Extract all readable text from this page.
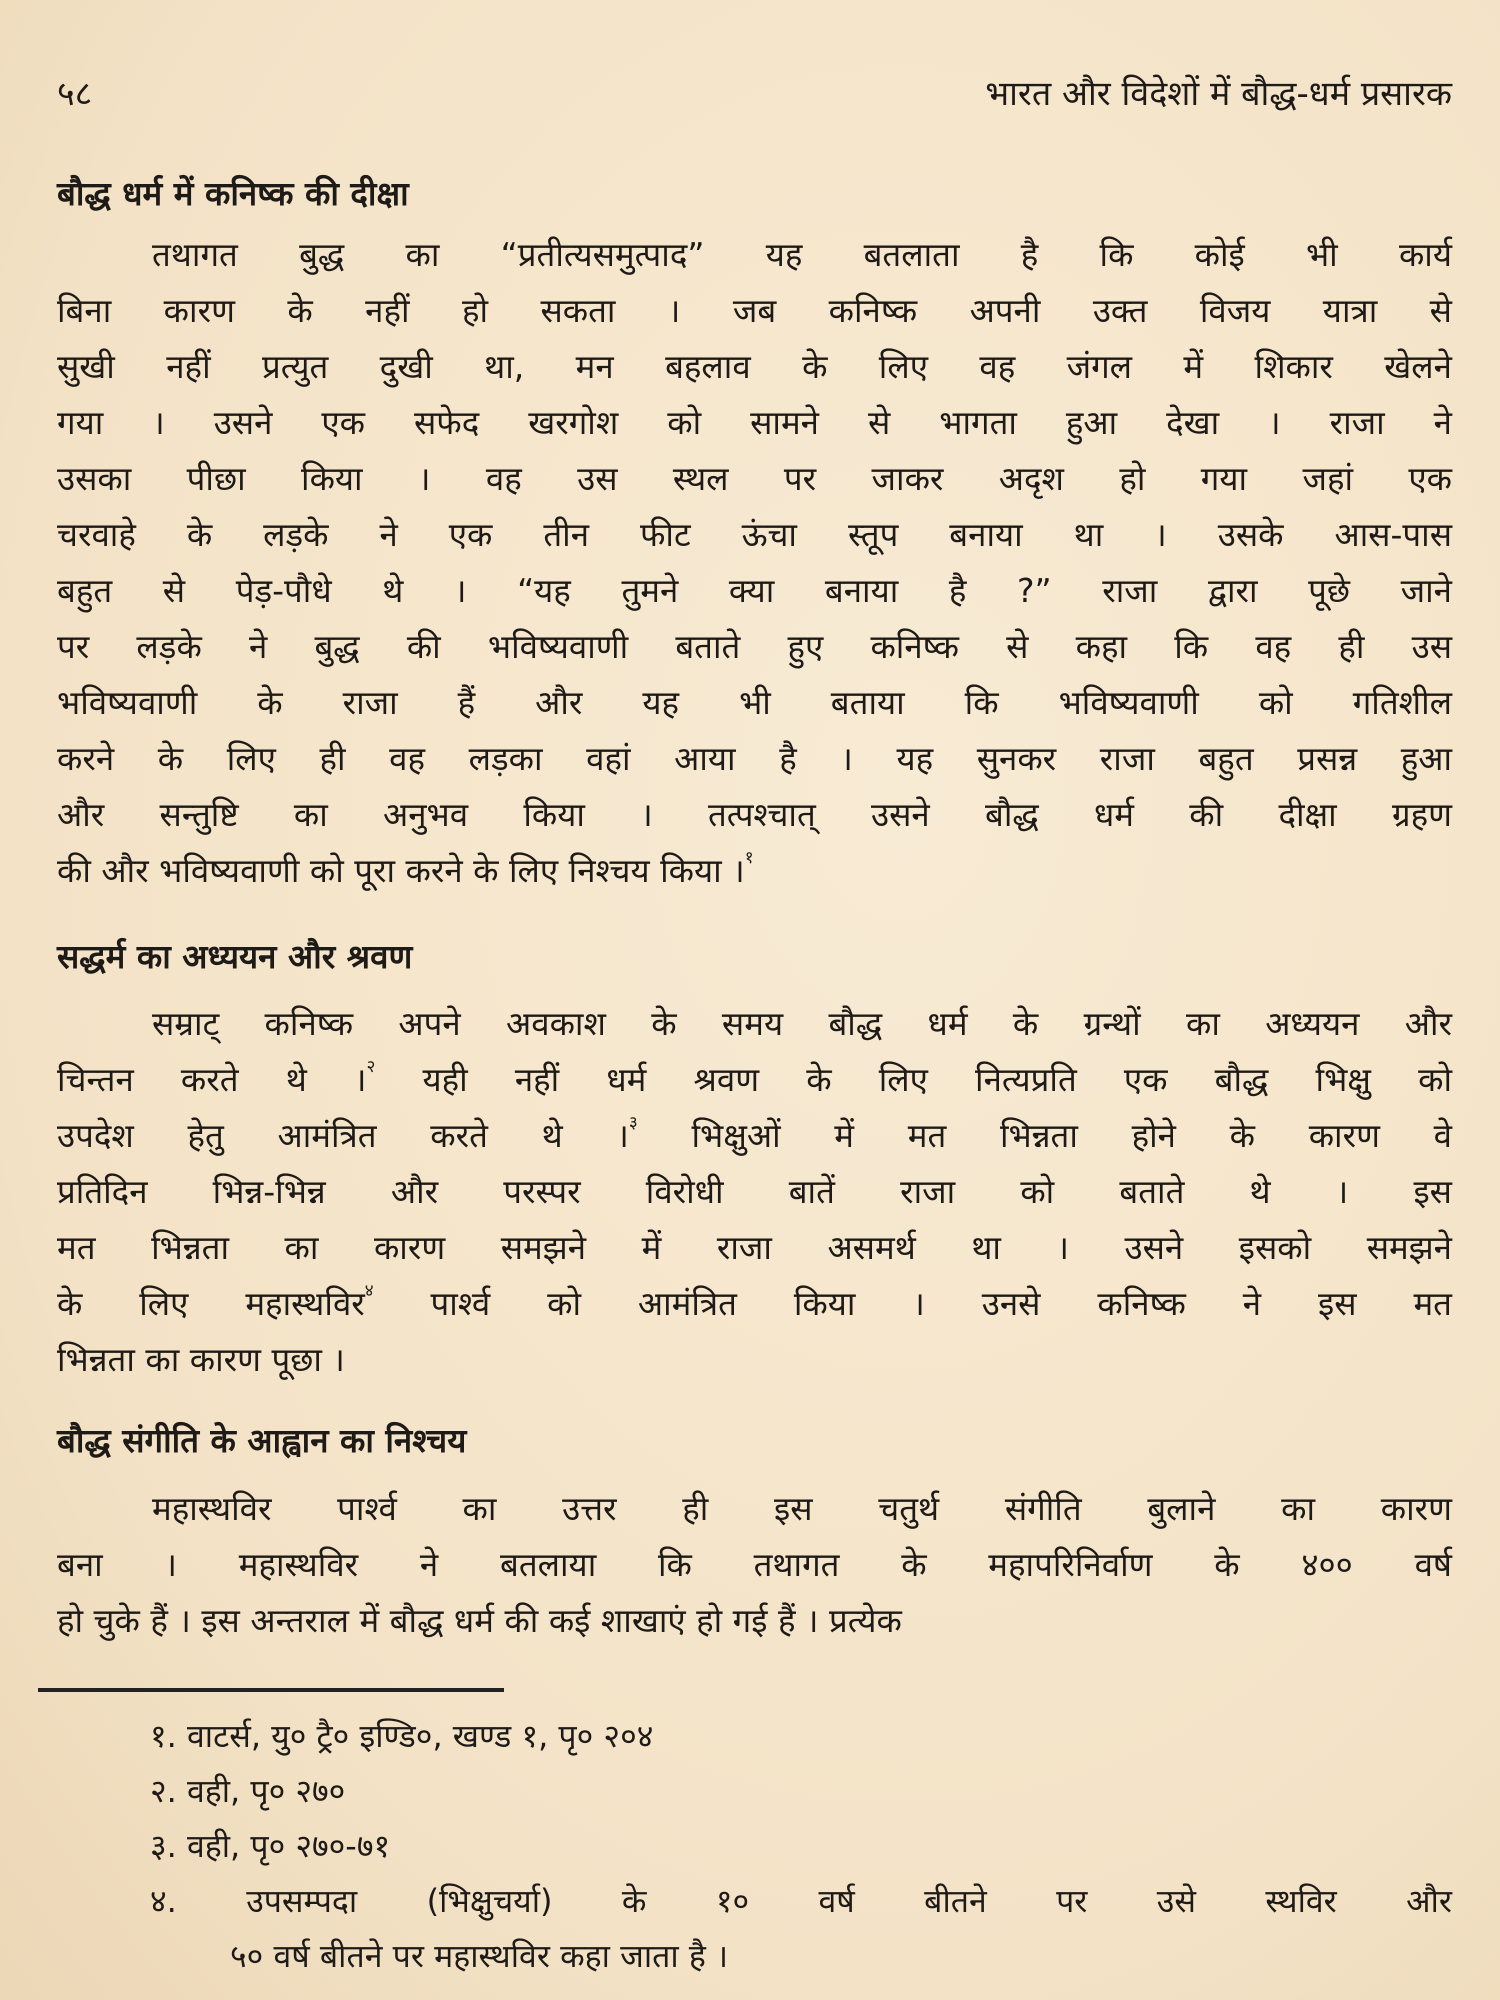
५८	भारत और विदेशों में बौद्ध-धर्म प्रसारक
बौद्ध धर्म में कनिष्क की दीक्षा
तथागत बुद्ध का “प्रतीत्यसमुत्पाद” यह बतलाता है कि कोई भी कार्य
बिना कारण के नहीं हो सकता । जब कनिष्क अपनी उक्त विजय यात्रा से
सुखी नहीं प्रत्युत दुखी था, मन बहलाव के लिए वह जंगल में शिकार खेलने
गया । उसने एक सफेद खरगोश को सामने से भागता हुआ देखा । राजा ने
उसका पीछा किया । वह उस स्थल पर जाकर अदृश हो गया जहां एक
चरवाहे के लड़के ने एक तीन फीट ऊंचा स्तूप बनाया था । उसके आस-पास
बहुत से पेड़-पौधे थे । “यह तुमने क्या बनाया है ?” राजा द्वारा पूछे जाने
पर लड़के ने बुद्ध की भविष्यवाणी बताते हुए कनिष्क से कहा कि वह ही उस
भविष्यवाणी के राजा हैं और यह भी बताया कि भविष्यवाणी को गतिशील
करने के लिए ही वह लड़का वहां आया है । यह सुनकर राजा बहुत प्रसन्न हुआ
और सन्तुष्टि का अनुभव किया । तत्पश्चात् उसने बौद्ध धर्म की दीक्षा ग्रहण
की और भविष्यवाणी को पूरा करने के लिए निश्चय किया ।$^१$
सद्धर्म का अध्ययन और श्रवण
सम्राट् कनिष्क अपने अवकाश के समय बौद्ध धर्म के ग्रन्थों का अध्ययन और
चिन्तन करते थे ।$^२$ यही नहीं धर्म श्रवण के लिए नित्यप्रति एक बौद्ध भिक्षु को
उपदेश हेतु आमंत्रित करते थे ।$^३$ भिक्षुओं में मत भिन्नता होने के कारण वे
प्रतिदिन भिन्न-भिन्न और परस्पर विरोधी बातें राजा को बताते थे । इस
मत भिन्नता का कारण समझने में राजा असमर्थ था । उसने इसको समझने
के लिए महास्थविर$^४$ पार्श्व को आमंत्रित किया । उनसे कनिष्क ने इस मत
भिन्नता का कारण पूछा ।
बौद्ध संगीति के आह्वान का निश्चय
महास्थविर पार्श्व का उत्तर ही इस चतुर्थ संगीति बुलाने का कारण
बना । महास्थविर ने बतलाया कि तथागत के महापरिनिर्वाण के ४०० वर्ष
हो चुके हैं । इस अन्तराल में बौद्ध धर्म की कई शाखाएं हो गई हैं । प्रत्येक
१. वाटर्स, यु० ट्रै० इण्डि०, खण्ड १, पृ० २०४
२. वही, पृ० २७०
३. वही, पृ० २७०-७१
४. उपसम्पदा (भिक्षुचर्या) के १० वर्ष बीतने पर उसे स्थविर और
५० वर्ष बीतने पर महास्थविर कहा जाता है ।
